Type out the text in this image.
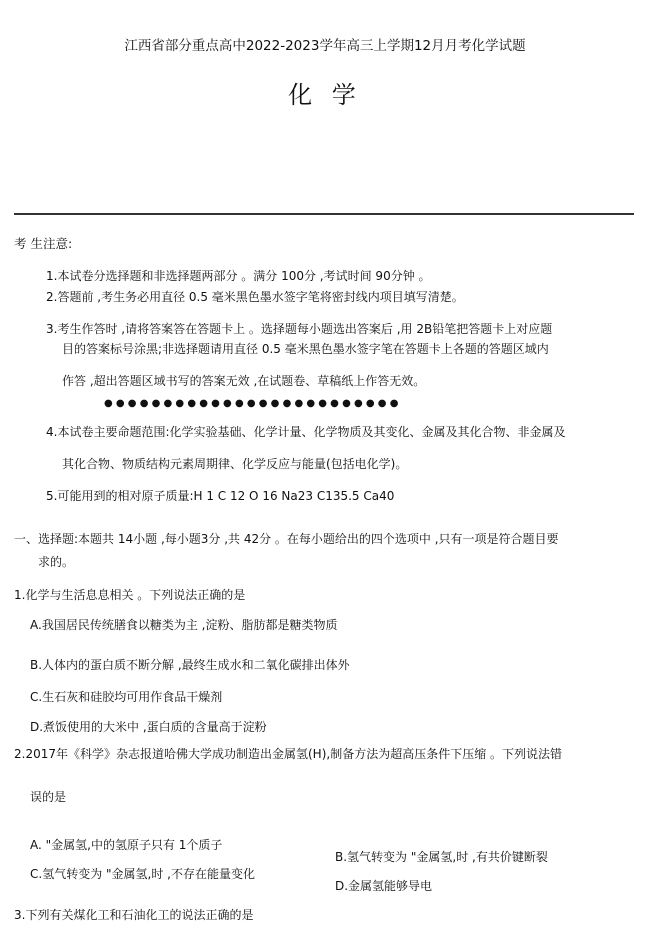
江西省部分重点高中2022-2023学年高三上学期12月月考化学试题
化 学
考 生注意:
1.本试卷分选择题和非选择题两部分 。满分 100分 ,考试时间 90分钟 。
2.答题前 ,考生务必用直径 0.5 毫米黑色墨水签字笔将密封线内项目填写清楚。
3.考生作答时 ,请将答案答在答题卡上 。选择题每小题选出答案后 ,用 2B铅笔把答题卡上对应题
目的答案标号涂黑;非选择题请用直径 0.5 毫米黑色墨水签字笔在答题卡上各题的答题区域内
作答 ,超出答题区域书写的答案无效 ,在试题卷、草稿纸上作答无效。
● ● ● ● ● ● ● ● ● ● ● ● ● ● ● ● ● ● ● ● ● ● ● ● ●
4.本试卷主要命题范围:化学实验基础、化学计量、化学物质及其变化、金属及其化合物、非金属及
其化合物、物质结构元素周期律、化学反应与能量(包括电化学)。
5.可能用到的相对原子质量:H 1 C 12 O 16 Na23 C135.5 Ca40
一、选择题:本题共 14小题 ,每小题3分 ,共 42分 。在每小题给出的四个选项中 ,只有一项是符合题目要
求的。
1.化学与生活息息相关 。下列说法正确的是
A.我国居民传统膳食以糖类为主 ,淀粉、脂肪都是糖类物质
B.人体内的蛋白质不断分解 ,最终生成水和二氧化碳排出体外
C.生石灰和硅胶均可用作食品干燥剂
D.煮饭使用的大米中 ,蛋白质的含量高于淀粉
2.2017年《科学》杂志报道哈佛大学成功制造出金属氢(H),制备方法为超高压条件下压缩 。下列说法错
误的是
A. "金属氢,中的氢原子只有 1个质子
B.氢气转变为 "金属氢,时 ,有共价键断裂
C.氢气转变为 "金属氢,时 ,不存在能量变化
D.金属氢能够导电
3.下列有关煤化工和石油化工的说法正确的是
